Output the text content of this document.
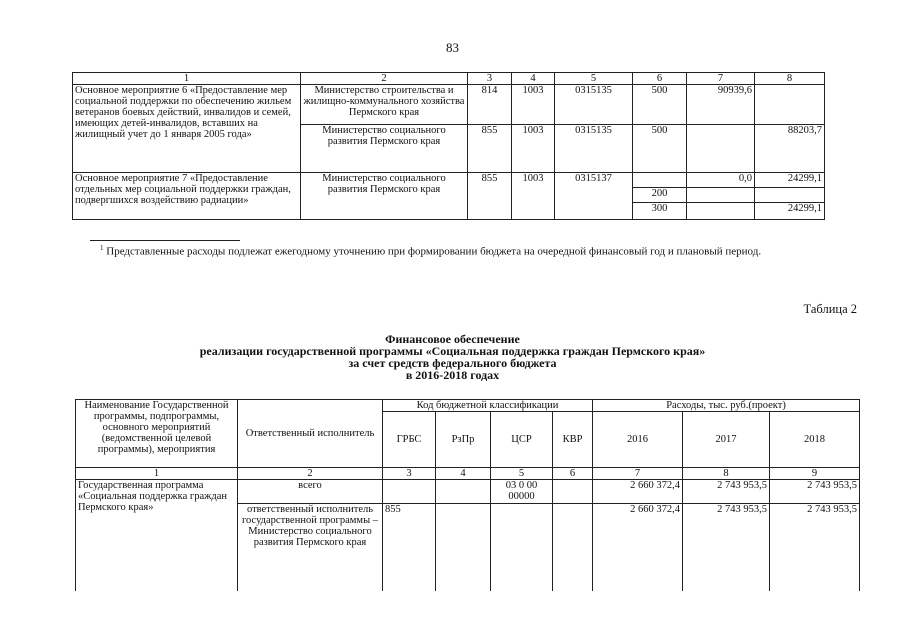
83
1	2	3	4	5	6	7	8
Основное мероприятие 6 «Предоставление мер социальной поддержки по обеспечению жильем ветеранов боевых действий, инвалидов и семей, имеющих детей-инвалидов, вставших на жилищный учет до 1 января 2005 года»	Министерство строительства и жилищно-коммунального хозяйства Пермского края	814	1003	0315135	500	90939,6	
	Министерство социального развития Пермского края	855	1003	0315135	500		88203,7
Основное мероприятие 7 «Предоставление отдельных мер социальной поддержки граждан, подвергшихся воздействию радиации»	Министерство социального развития Пермского края	855	1003	0315137		0,0	24299,1
					200		
					300		24299,1
$^1$ Представленные расходы подлежат ежегодному уточнению при формировании бюджета на очередной финансовый год и плановый период.
Таблица 2
Финансовое обеспечение
реализации государственной программы «Социальная поддержка граждан Пермского края»
за счет средств федерального бюджета
в 2016-2018 годах
Наименование Государственной программы, подпрограммы, основного мероприятий (ведомственной целевой программы), мероприятия	Ответственный исполнитель	Код бюджетной классификации				Расходы, тыс. руб.(проект)		
		ГРБС	РзПр	ЦСР	КВР	2016	2017	2018
1	2	3	4	5	6	7	8	9
Государственная программа «Социальная поддержка граждан Пермского края»	всего			03 0 00 00000		2 660 372,4	2 743 953,5	2 743 953,5
	ответственный исполнитель государственной программы – Министерство социального развития Пермского края	855				2 660 372,4	2 743 953,5	2 743 953,5
